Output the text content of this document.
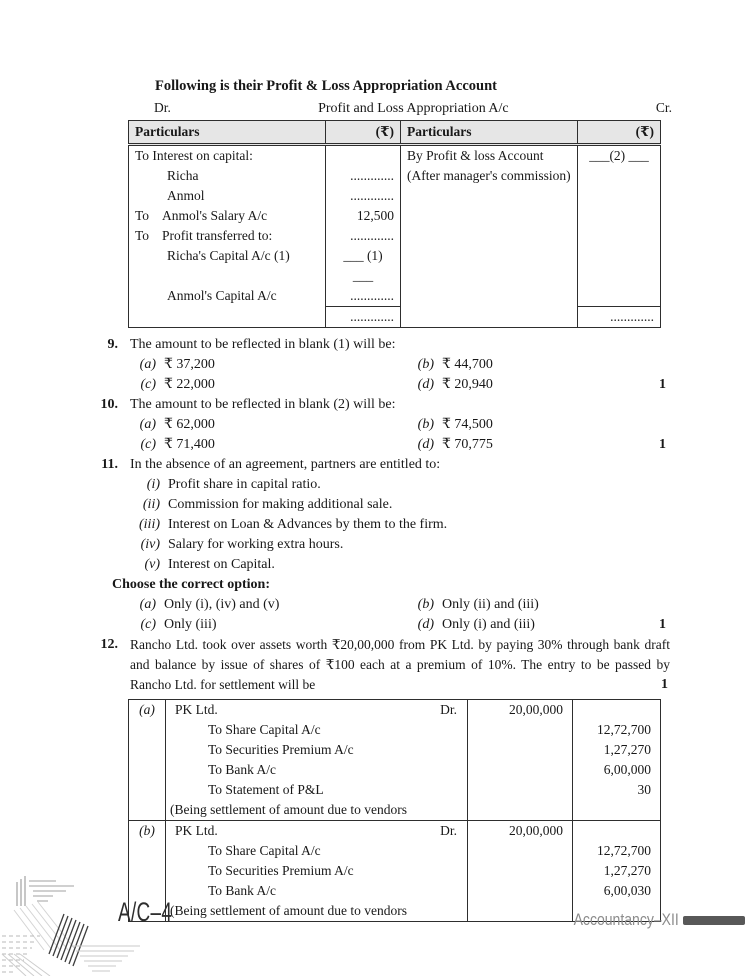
Following is their Profit & Loss Appropriation Account
Dr.	Profit and Loss Appropriation A/c	Cr.
Particulars	(₹)	Particulars	(₹)
To Interest on capital:		By Profit & loss Account	___(2) ___
Richa	.............	(After manager's commission)	
Anmol	.............		
To Anmol's Salary A/c	12,500		
To Profit transferred to:	.............		
Richa's Capital A/c (1)	___ (1) ___		
Anmol's Capital A/c	.............		
	.............		.............
9. The amount to be reflected in blank (1) will be:
(a) ₹ 37,200	(b) ₹ 44,700
(c) ₹ 22,000	(d) ₹ 20,940	1
10. The amount to be reflected in blank (2) will be:
(a) ₹ 62,000	(b) ₹ 74,500
(c) ₹ 71,400	(d) ₹ 70,775	1
11. In the absence of an agreement, partners are entitled to:
(i) Profit share in capital ratio.
(ii) Commission for making additional sale.
(iii) Interest on Loan & Advances by them to the firm.
(iv) Salary for working extra hours.
(v) Interest on Capital.
Choose the correct option:
(a) Only (i), (iv) and (v)	(b) Only (ii) and (iii)
(c) Only (iii)	(d) Only (i) and (iii)	1
12. Rancho Ltd. took over assets worth ₹20,00,000 from PK Ltd. by paying 30% through bank draft and balance by issue of shares of ₹100 each at a premium of 10%. The entry to be passed by Rancho Ltd. for settlement will be	1
(a)	PK Ltd. Dr.	20,00,000	
	To Share Capital A/c		12,72,700
	To Securities Premium A/c		1,27,270
	To Bank A/c		6,00,000
	To Statement of P&L		30
	(Being settlement of amount due to vendors		
(b)	PK Ltd. Dr.	20,00,000	
	To Share Capital A/c		12,72,700
	To Securities Premium A/c		1,27,270
	To Bank A/c		6,00,030
	(Being settlement of amount due to vendors		
A/C–4	Accountancy–XII
